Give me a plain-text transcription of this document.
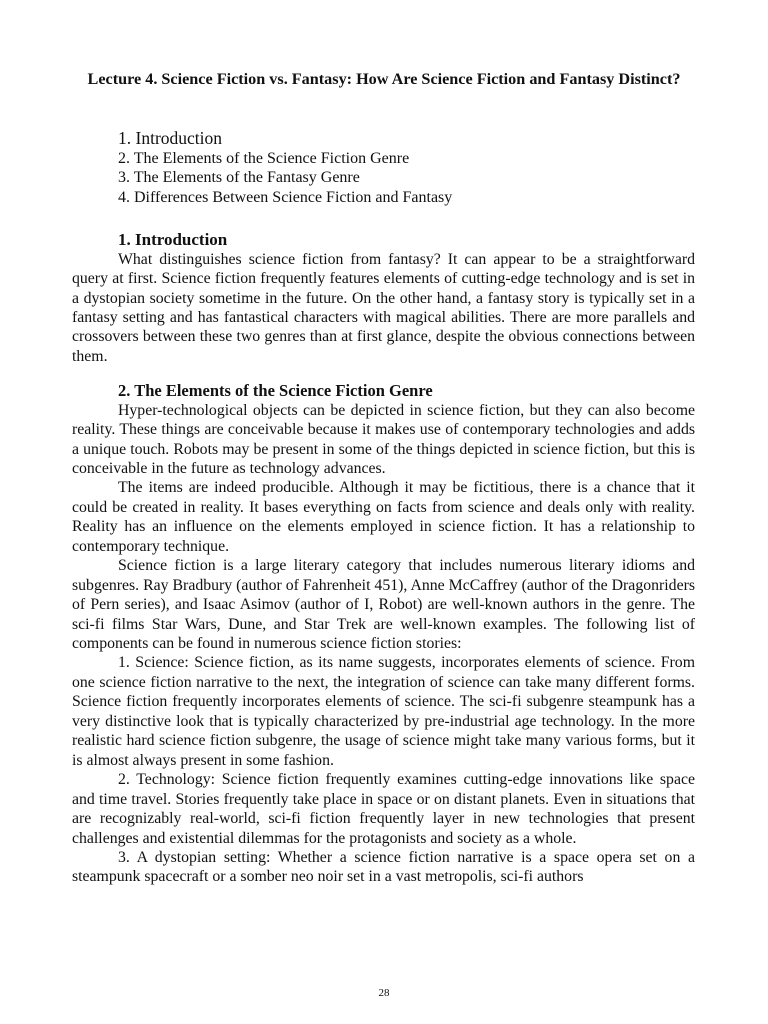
Lecture 4. Science Fiction vs. Fantasy: How Are Science Fiction and Fantasy Distinct?
1. Introduction
2. The Elements of the Science Fiction Genre
3. The Elements of the Fantasy Genre
4. Differences Between Science Fiction and Fantasy
1. Introduction

What distinguishes science fiction from fantasy? It can appear to be a straightforward query at first. Science fiction frequently features elements of cutting-edge technology and is set in a dystopian society sometime in the future. On the other hand, a fantasy story is typically set in a fantasy setting and has fantastical characters with magical abilities. There are more parallels and crossovers between these two genres than at first glance, despite the obvious connections between them.

2. The Elements of the Science Fiction Genre

Hyper-technological objects can be depicted in science fiction, but they can also become reality. These things are conceivable because it makes use of contemporary technologies and adds a unique touch. Robots may be present in some of the things depicted in science fiction, but this is conceivable in the future as technology advances.

The items are indeed producible. Although it may be fictitious, there is a chance that it could be created in reality. It bases everything on facts from science and deals only with reality. Reality has an influence on the elements employed in science fiction. It has a relationship to contemporary technique.

Science fiction is a large literary category that includes numerous literary idioms and subgenres. Ray Bradbury (author of Fahrenheit 451), Anne McCaffrey (author of the Dragonriders of Pern series), and Isaac Asimov (author of I, Robot) are well-known authors in the genre. The sci-fi films Star Wars, Dune, and Star Trek are well-known examples. The following list of components can be found in numerous science fiction stories:

1. Science: Science fiction, as its name suggests, incorporates elements of science. From one science fiction narrative to the next, the integration of science can take many different forms. Science fiction frequently incorporates elements of science. The sci-fi subgenre steampunk has a very distinctive look that is typically characterized by pre-industrial age technology. In the more realistic hard science fiction subgenre, the usage of science might take many various forms, but it is almost always present in some fashion.

2. Technology: Science fiction frequently examines cutting-edge innovations like space and time travel. Stories frequently take place in space or on distant planets. Even in situations that are recognizably real-world, sci-fi fiction frequently layer in new technologies that present challenges and existential dilemmas for the protagonists and society as a whole.

3. A dystopian setting: Whether a science fiction narrative is a space opera set on a steampunk spacecraft or a somber neo noir set in a vast metropolis, sci-fi authors

28
